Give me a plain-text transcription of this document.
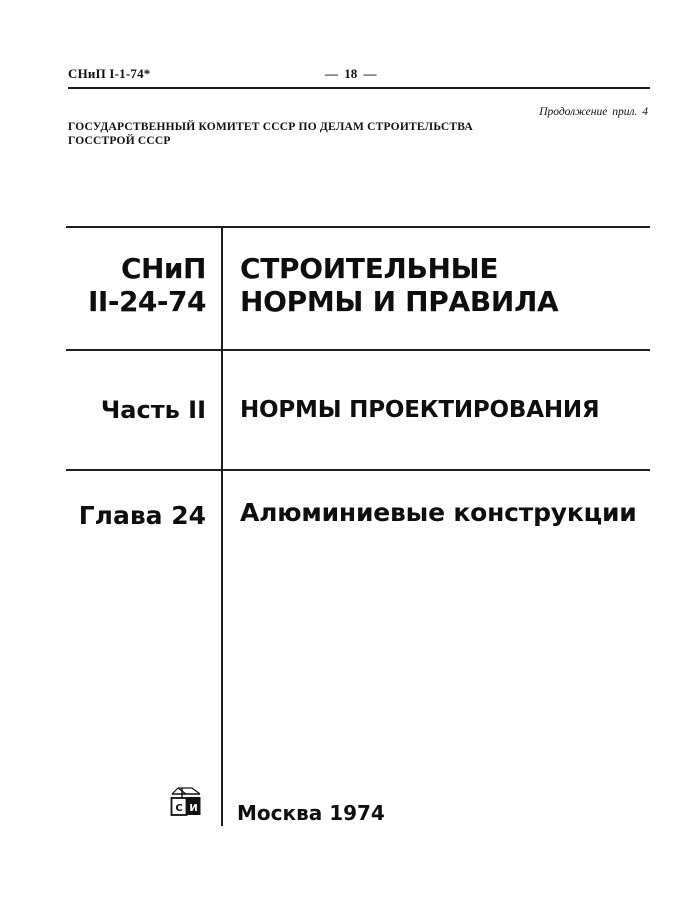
СНиП I-1-74*	— 18 —
Продолжение прил. 4
ГОСУДАРСТВЕННЫЙ КОМИТЕТ СССР ПО ДЕЛАМ СТРОИТЕЛЬСТВА
ГОССТРОЙ СССР
СНиП
II-24-74
СТРОИТЕЛЬНЫЕ
НОРМЫ И ПРАВИЛА
Часть II НОРМЫ ПРОЕКТИРОВАНИЯ
Глава 24 Алюминиевые конструкции
С И Москва 1974
